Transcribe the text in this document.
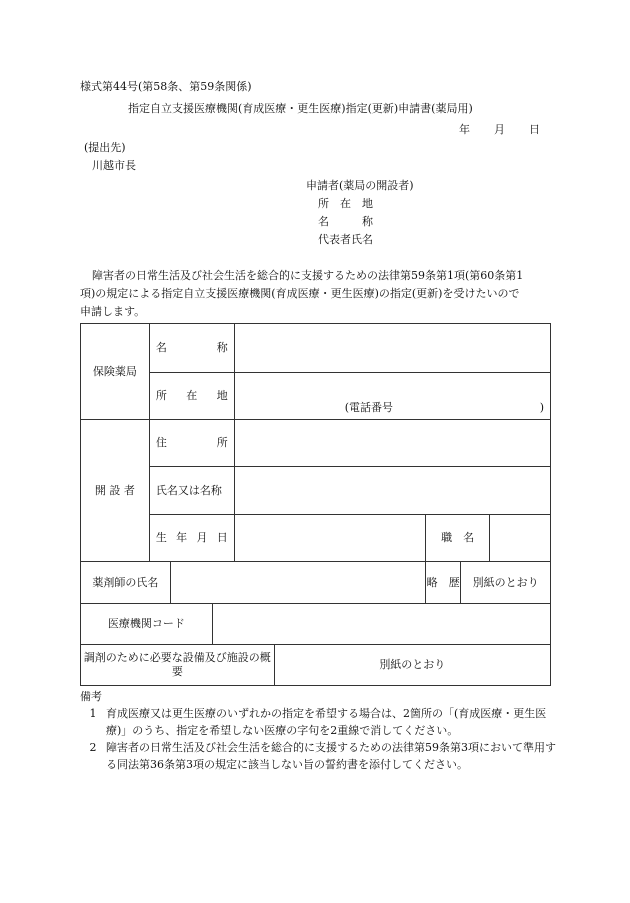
様式第44号(第58条、第59条関係)
指定自立支援医療機関(育成医療・更生医療)指定(更新)申請書(薬局用)
年 月 日
(提出先)
川越市長
申請者(薬局の開設者)
所　在　地
名　　　称
代表者氏名
障害者の日常生活及び社会生活を総合的に支援するための法律第59条第1項(第60条第1
項)の規定による指定自立支援医療機関(育成医療・更生医療)の指定(更新)を受けたいので
申請します。
保険薬局	名 称							

	所 在 地			(電話番号 )				

開 設 者	住 所							

	氏名又は名称							

	生 年 月 日					職　名		
薬剤師の氏名						略　歴	別紙のとおり	
医療機関コード								
調剤のために必要な設備及び施設の概要					別紙のとおり			
備考
1 育成医療又は更生医療のいずれかの指定を希望する場合は、2箇所の「(育成医療・更生医療)」のうち、指定を希望しない医療の字句を2重線で消してください。
2 障害者の日常生活及び社会生活を総合的に支援するための法律第59条第3項において準用する同法第36条第3項の規定に該当しない旨の誓約書を添付してください。
